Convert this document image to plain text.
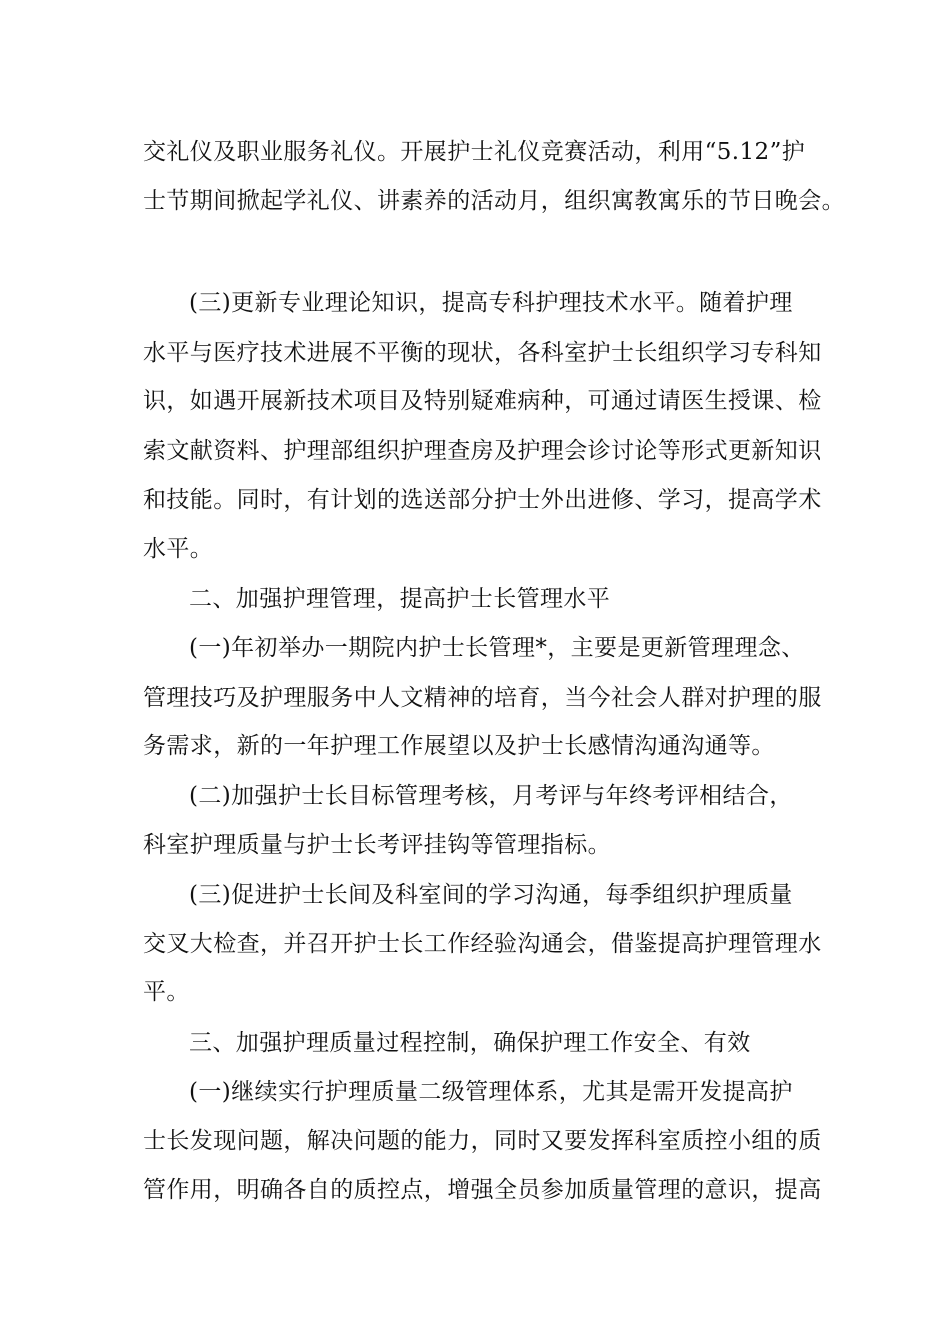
交礼仪及职业服务礼仪。开展护士礼仪竞赛活动，利用“5.12”护
士节期间掀起学礼仪、讲素养的活动月，组织寓教寓乐的节日晚会。
(三)更新专业理论知识，提高专科护理技术水平。随着护理
水平与医疗技术进展不平衡的现状，各科室护士长组织学习专科知
识，如遇开展新技术项目及特别疑难病种，可通过请医生授课、检
索文献资料、护理部组织护理查房及护理会诊讨论等形式更新知识
和技能。同时，有计划的选送部分护士外出进修、学习，提高学术
水平。
二、加强护理管理，提高护士长管理水平
(一)年初举办一期院内护士长管理*，主要是更新管理理念、
管理技巧及护理服务中人文精神的培育，当今社会人群对护理的服
务需求，新的一年护理工作展望以及护士长感情沟通沟通等。
(二)加强护士长目标管理考核，月考评与年终考评相结合，
科室护理质量与护士长考评挂钩等管理指标。
(三)促进护士长间及科室间的学习沟通，每季组织护理质量
交叉大检查，并召开护士长工作经验沟通会，借鉴提高护理管理水
平。
三、加强护理质量过程控制，确保护理工作安全、有效
(一)继续实行护理质量二级管理体系，尤其是需开发提高护
士长发现问题，解决问题的能力，同时又要发挥科室质控小组的质
管作用，明确各自的质控点，增强全员参加质量管理的意识，提高
